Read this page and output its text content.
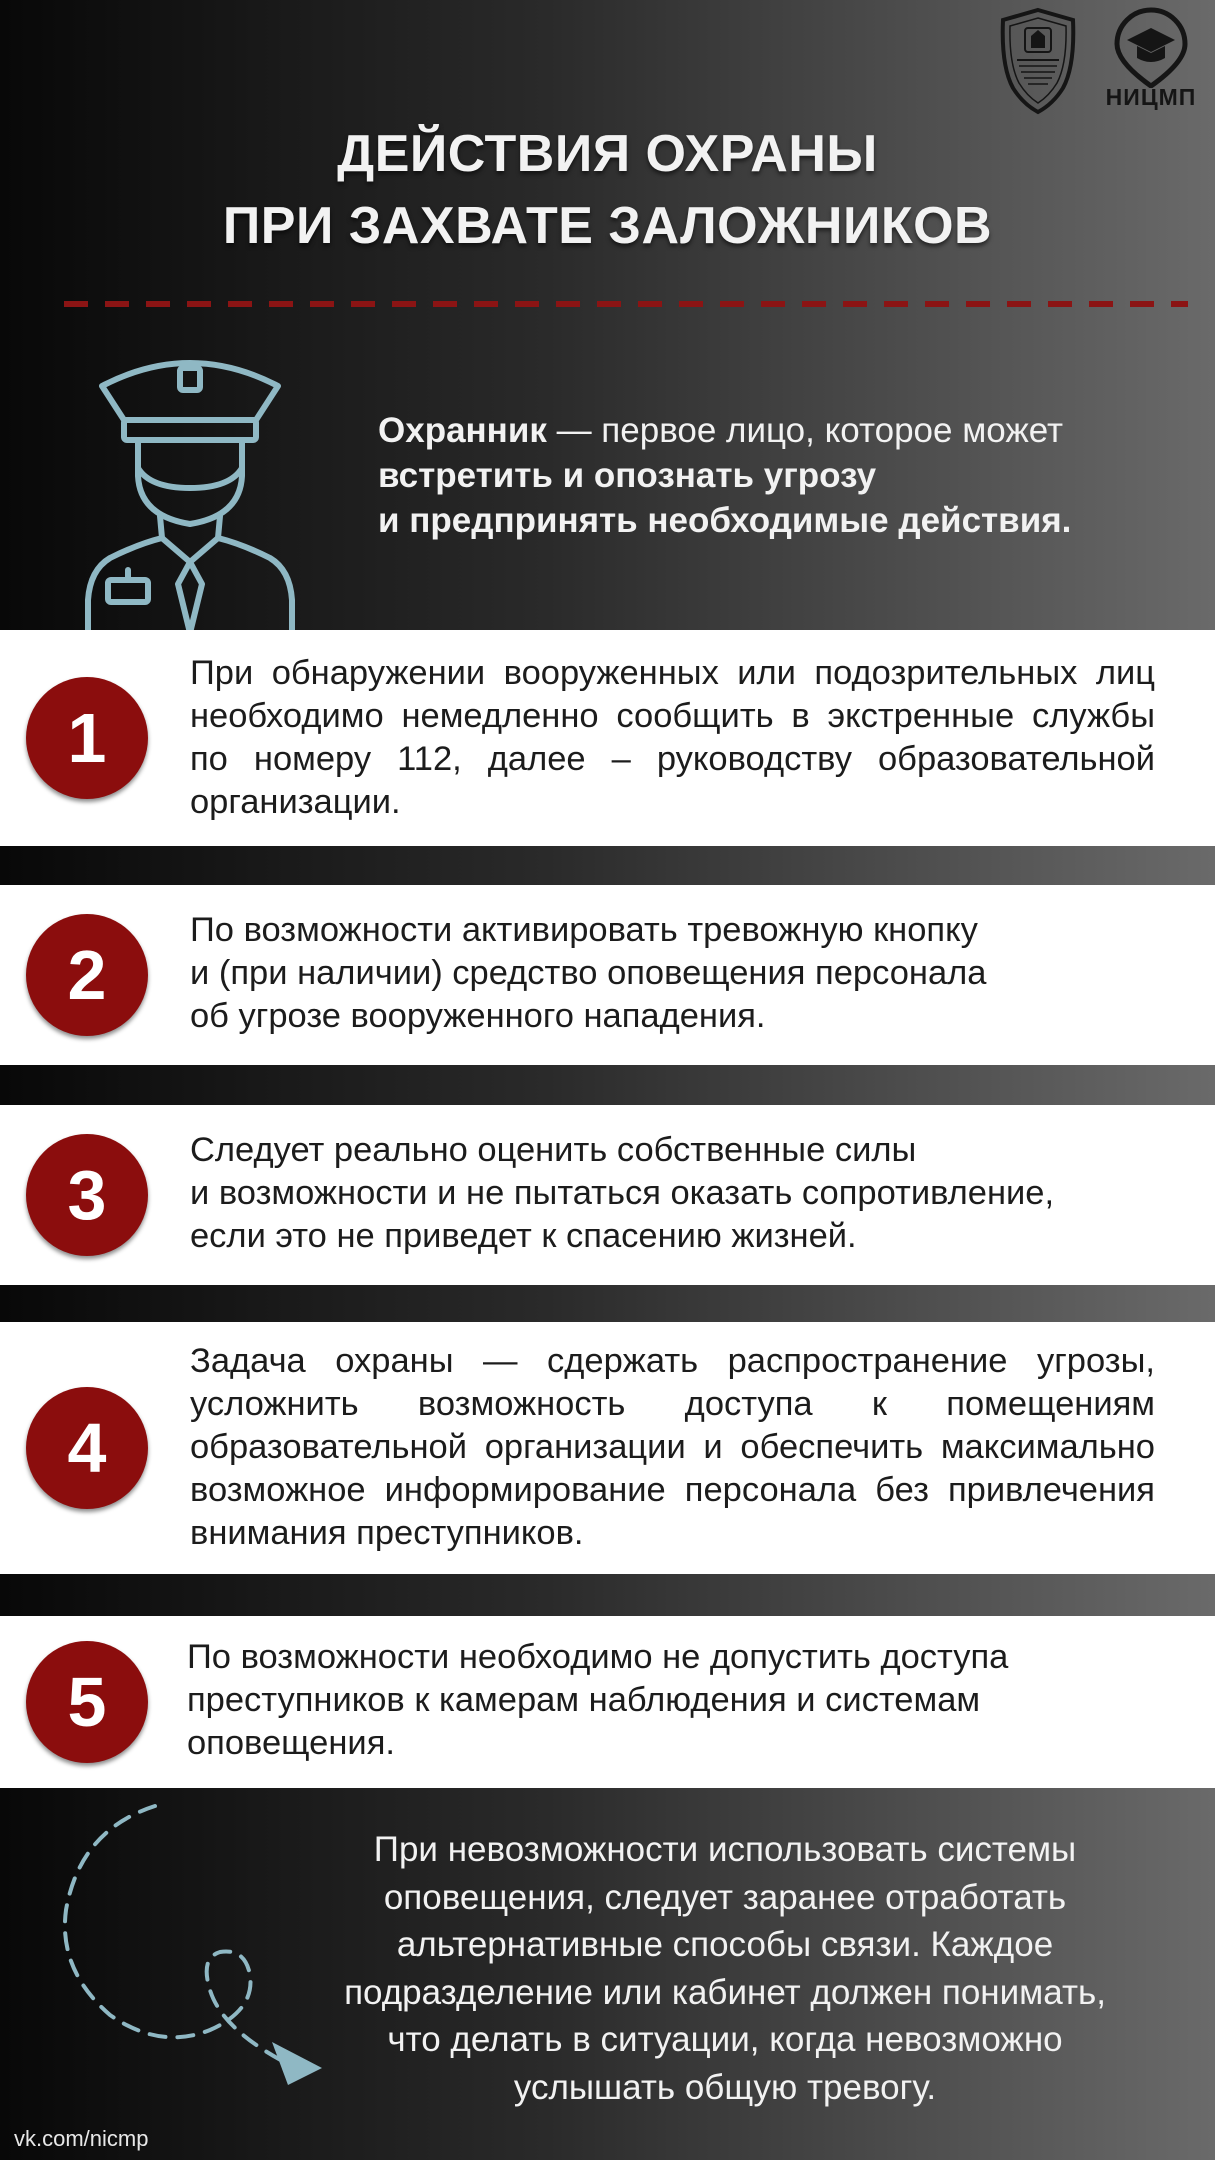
НИЦМП
ДЕЙСТВИЯ ОХРАНЫ
ПРИ ЗАХВАТЕ ЗАЛОЖНИКОВ
Охранник — первое лицо, которое может
встретить и опознать угрозу
и предпринять необходимые действия.
1
При обнаружении вооруженных или подозрительных лиц необходимо немедленно сообщить в экстренные службы по номеру 112, далее – руководству образовательной организации.
2
По возможности активировать тревожную кнопку
и (при наличии) средство оповещения персонала
об угрозе вооруженного нападения.
3
Следует реально оценить собственные силы
и возможности и не пытаться оказать сопротивление,
если это не приведет к спасению жизней.
4
Задача охраны — сдержать распространение угрозы, усложнить возможность доступа к помещениям образовательной организации и обеспечить максимально возможное информирование персонала без привлечения внимания преступников.
5
По возможности необходимо не допустить доступа
преступников к камерам наблюдения и системам
оповещения.
При невозможности использовать системы
оповещения, следует заранее отработать
альтернативные способы связи. Каждое
подразделение или кабинет должен понимать,
что делать в ситуации, когда невозможно
услышать общую тревогу.
vk.com/nicmp
